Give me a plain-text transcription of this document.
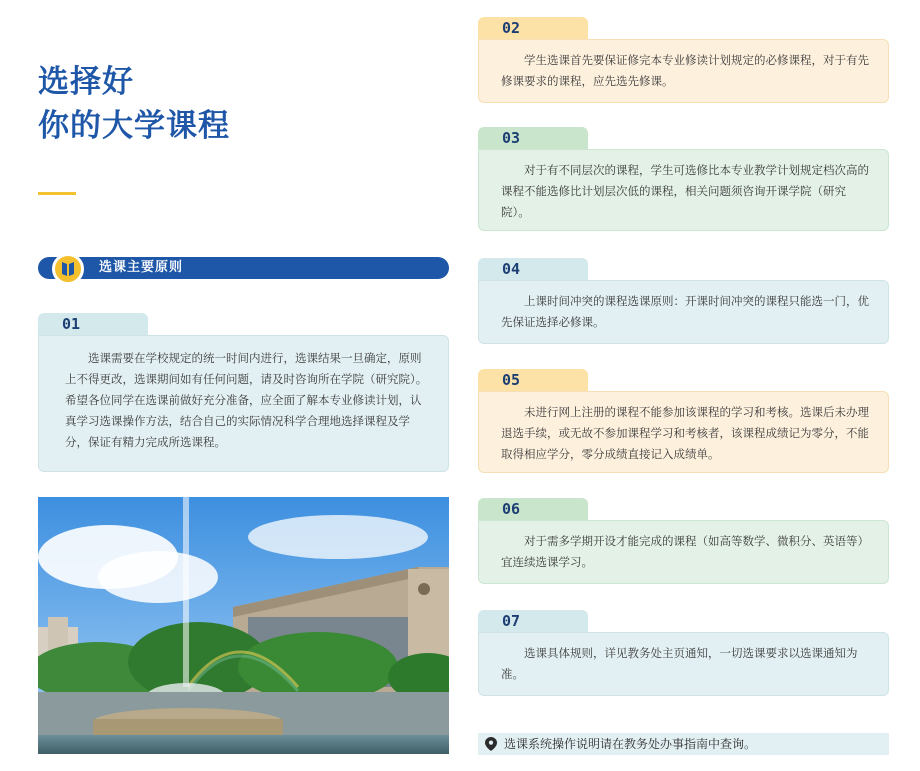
选择好
你的大学课程
选课主要原则
01
选课需要在学校规定的统一时间内进行，选课结果一旦确定，原则上不得更改，选课期间如有任何问题，请及时咨询所在学院（研究院）。希望各位同学在选课前做好充分准备，应全面了解本专业修读计划，认真学习选课操作方法，结合自己的实际情况科学合理地选择课程及学分，保证有精力完成所选课程。
02
学生选课首先要保证修完本专业修读计划规定的必修课程，对于有先修课要求的课程，应先选先修课。
03
对于有不同层次的课程，学生可选修比本专业教学计划规定档次高的课程不能选修比计划层次低的课程，相关问题须咨询开课学院（研究院）。
04
上课时间冲突的课程选课原则：开课时间冲突的课程只能选一门，优先保证选择必修课。
05
未进行网上注册的课程不能参加该课程的学习和考核。选课后未办理退选手续，或无故不参加课程学习和考核者，该课程成绩记为零分，不能取得相应学分，零分成绩直接记入成绩单。
06
对于需多学期开设才能完成的课程（如高等数学、微积分、英语等）宜连续选课学习。
07
选课具体规则，详见教务处主页通知，一切选课要求以选课通知为准。
选课系统操作说明请在教务处办事指南中查询。
